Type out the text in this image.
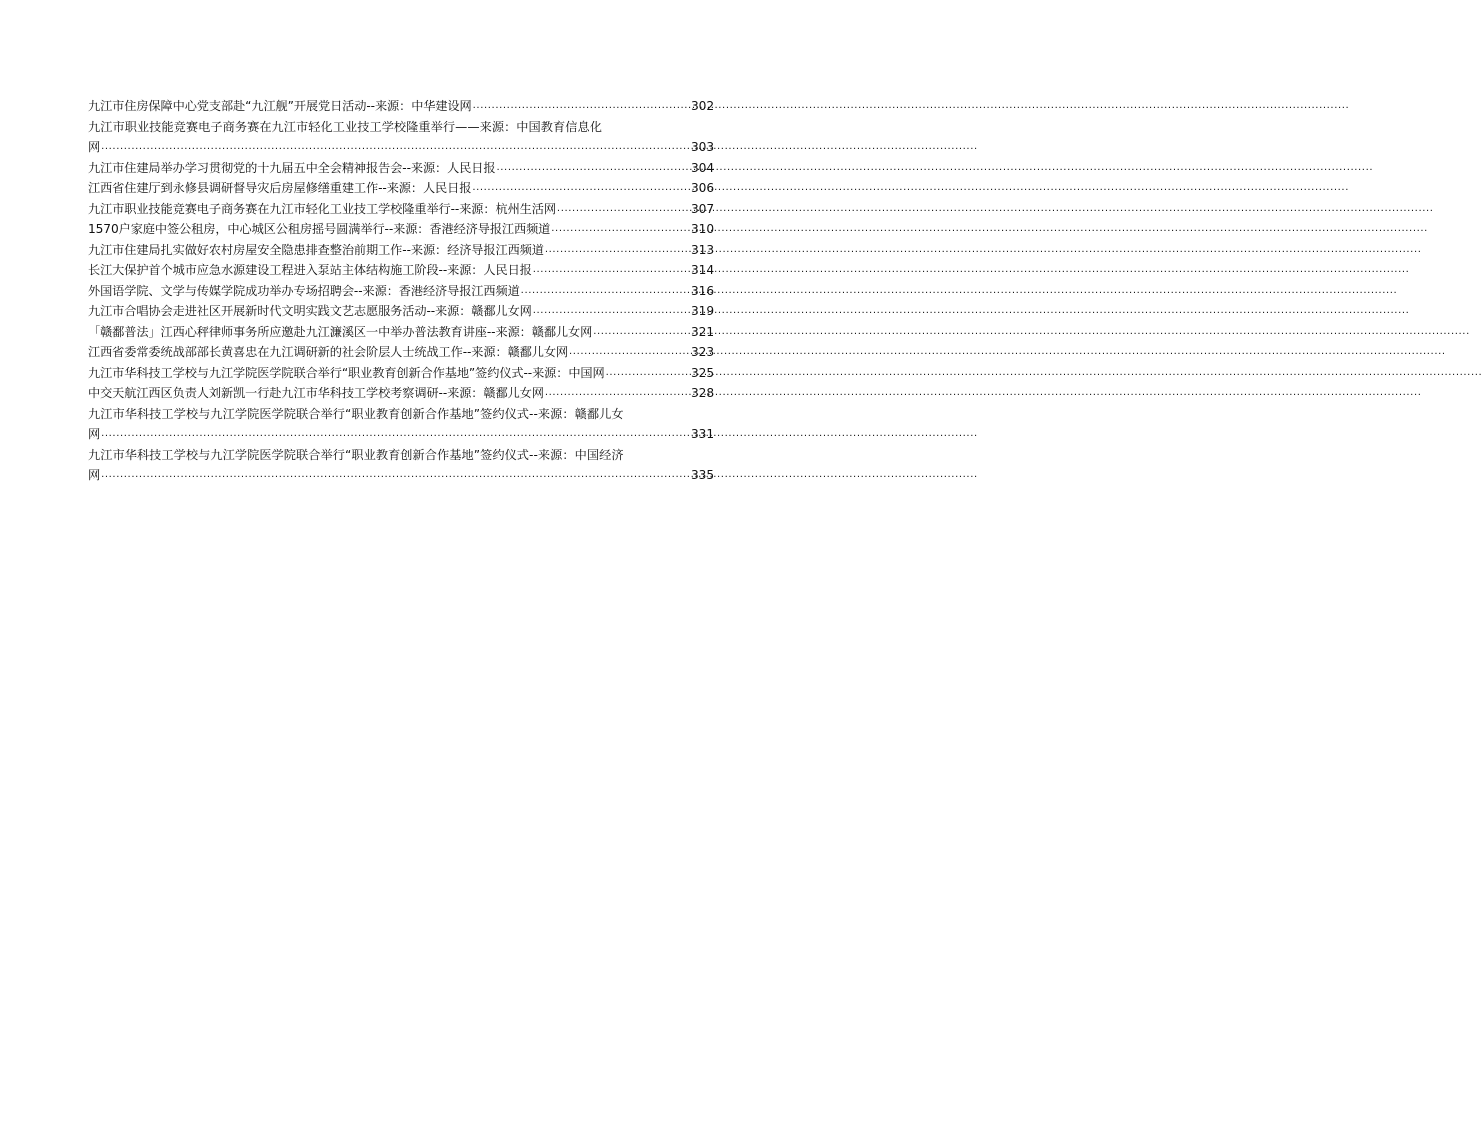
九江市住房保障中心党支部赴“九江舰”开展党日活动--来源：中华建设网 .....	302
九江市职业技能竞赛电子商务赛在九江市轻化工业技工学校隆重举行——来源：中国教育信息化
网 .....	303
九江市住建局举办学习贯彻党的十九届五中全会精神报告会--来源：人民日报 .....	304
江西省住建厅到永修县调研督导灾后房屋修缮重建工作--来源：人民日报 .....	306
九江市职业技能竞赛电子商务赛在九江市轻化工业技工学校隆重举行--来源：杭州生活网 .....	307
1570户家庭中签公租房，中心城区公租房摇号圆满举行--来源：香港经济导报江西频道 .....	310
九江市住建局扎实做好农村房屋安全隐患排查整治前期工作--来源：经济导报江西频道 .....	313
长江大保护首个城市应急水源建设工程进入泵站主体结构施工阶段--来源：人民日报 .....	314
外国语学院、文学与传媒学院成功举办专场招聘会--来源：香港经济导报江西频道 .....	316
九江市合唱协会走进社区开展新时代文明实践文艺志愿服务活动--来源：赣鄱儿女网 .....	319
「赣鄱普法」江西心秤律师事务所应邀赴九江濂溪区一中举办普法教育讲座--来源：赣鄱儿女网 .....	321
江西省委常委统战部部长黄喜忠在九江调研新的社会阶层人士统战工作--来源：赣鄱儿女网 .....	323
九江市华科技工学校与九江学院医学院联合举行“职业教育创新合作基地”签约仪式--来源：中国网 .....	325
中交天航江西区负责人刘新凯一行赴九江市华科技工学校考察调研--来源：赣鄱儿女网 .....	328
九江市华科技工学校与九江学院医学院联合举行“职业教育创新合作基地”签约仪式--来源：赣鄱儿女
网 .....	331
九江市华科技工学校与九江学院医学院联合举行“职业教育创新合作基地”签约仪式--来源：中国经济
网 .....	335
